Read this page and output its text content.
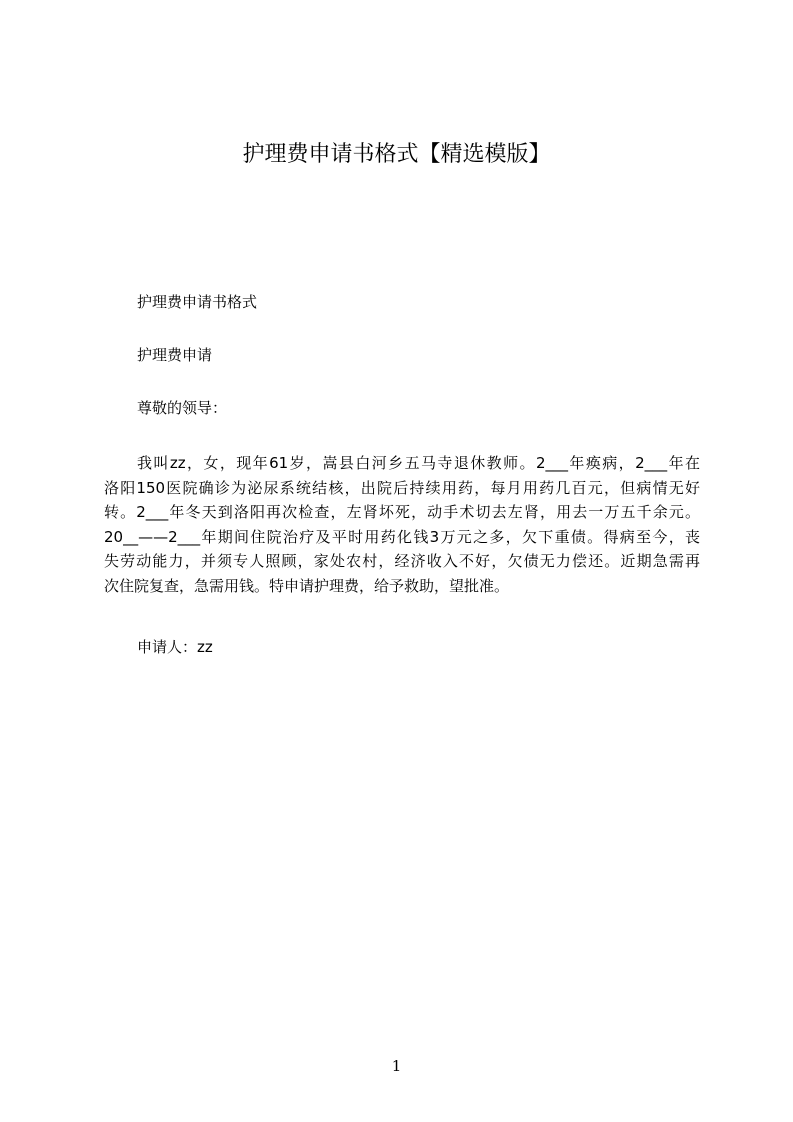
护理费申请书格式【精选模版】
护理费申请书格式
护理费申请
尊敬的领导：
我叫zz，女，现年61岁，嵩县白河乡五马寺退休教师。2___年痪病，2___年在
洛阳150医院确诊为泌尿系统结核，出院后持续用药，每月用药几百元，但病情无好
转。2___年冬天到洛阳再次检查，左肾坏死，动手术切去左肾，用去一万五千余元。
20__——2___年期间住院治疗及平时用药化钱3万元之多，欠下重债。得病至今，丧
失劳动能力，并须专人照顾，家处农村，经济收入不好，欠债无力偿还。近期急需再
次住院复查，急需用钱。特申请护理费，给予救助，望批准。
申请人：zz
1
